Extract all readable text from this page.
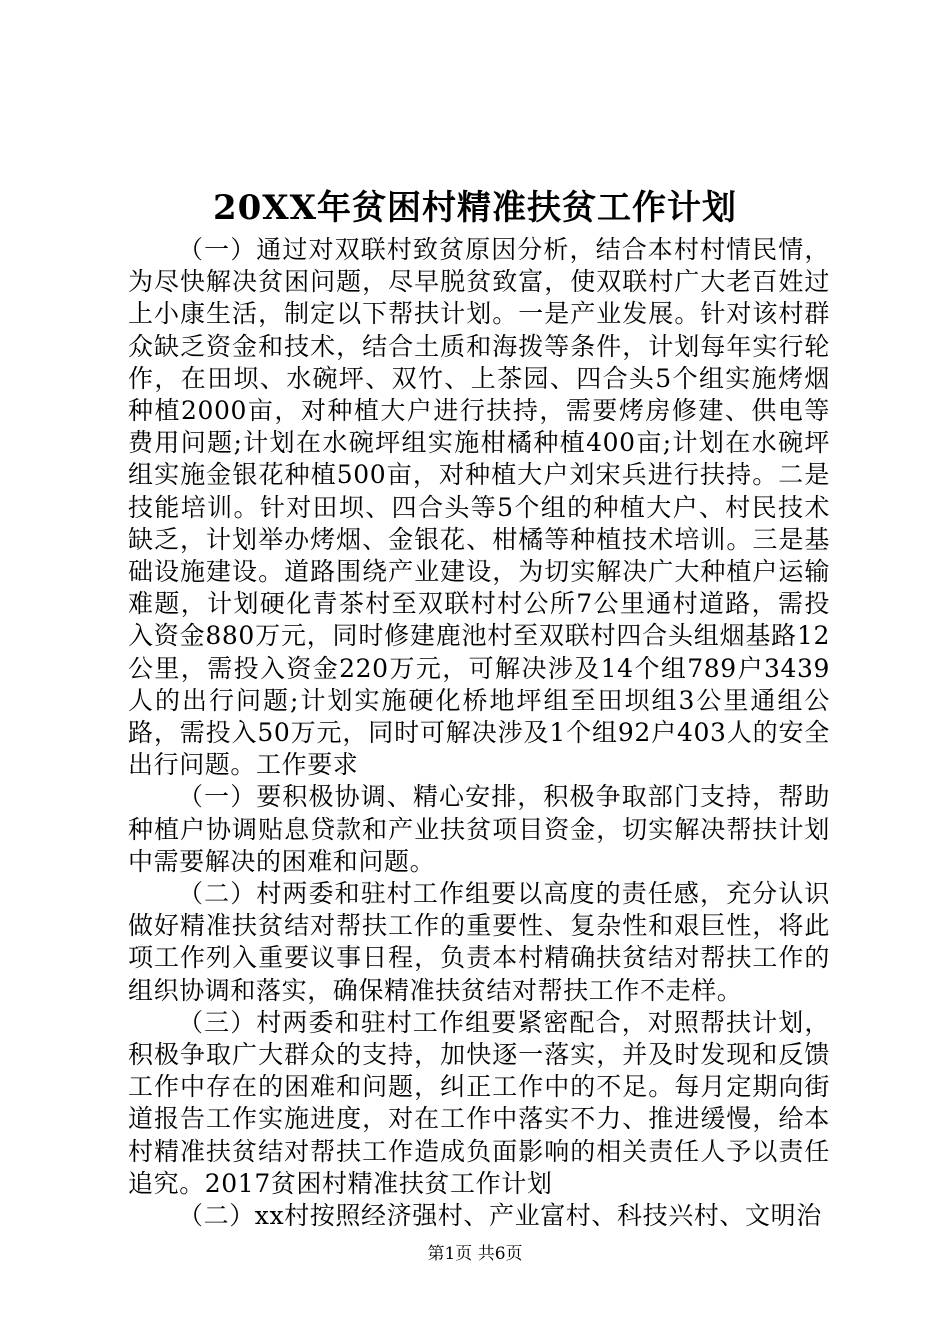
20XX年贫困村精准扶贫工作计划

（一）通过对双联村致贫原因分析，结合本村村情民情，为尽快解决贫困问题，尽早脱贫致富，使双联村广大老百姓过上小康生活，制定以下帮扶计划。一是产业发展。针对该村群众缺乏资金和技术，结合土质和海拨等条件，计划每年实行轮作，在田坝、水碗坪、双竹、上茶园、四合头5个组实施烤烟种植2000亩，对种植大户进行扶持，需要烤房修建、供电等费用问题;计划在水碗坪组实施柑橘种植400亩;计划在水碗坪组实施金银花种植500亩，对种植大户刘宋兵进行扶持。二是技能培训。针对田坝、四合头等5个组的种植大户、村民技术缺乏，计划举办烤烟、金银花、柑橘等种植技术培训。三是基础设施建设。道路围绕产业建设，为切实解决广大种植户运输难题，计划硬化青茶村至双联村村公所7公里通村道路，需投入资金880万元，同时修建鹿池村至双联村四合头组烟基路12公里，需投入资金220万元，可解决涉及14个组789户3439人的出行问题;计划实施硬化桥地坪组至田坝组3公里通组公路，需投入50万元，同时可解决涉及1个组92户403人的安全出行问题。工作要求

（一）要积极协调、精心安排，积极争取部门支持，帮助种植户协调贴息贷款和产业扶贫项目资金，切实解决帮扶计划中需要解决的困难和问题。

（二）村两委和驻村工作组要以高度的责任感，充分认识做好精准扶贫结对帮扶工作的重要性、复杂性和艰巨性，将此项工作列入重要议事日程，负责本村精确扶贫结对帮扶工作的组织协调和落实，确保精准扶贫结对帮扶工作不走样。

（三）村两委和驻村工作组要紧密配合，对照帮扶计划，积极争取广大群众的支持，加快逐一落实，并及时发现和反馈工作中存在的困难和问题，纠正工作中的不足。每月定期向街道报告工作实施进度，对在工作中落实不力、推进缓慢，给本村精准扶贫结对帮扶工作造成负面影响的相关责任人予以责任追究。2017贫困村精准扶贫工作计划

（二）xx村按照经济强村、产业富村、科技兴村、文明治

第1页 共6页
